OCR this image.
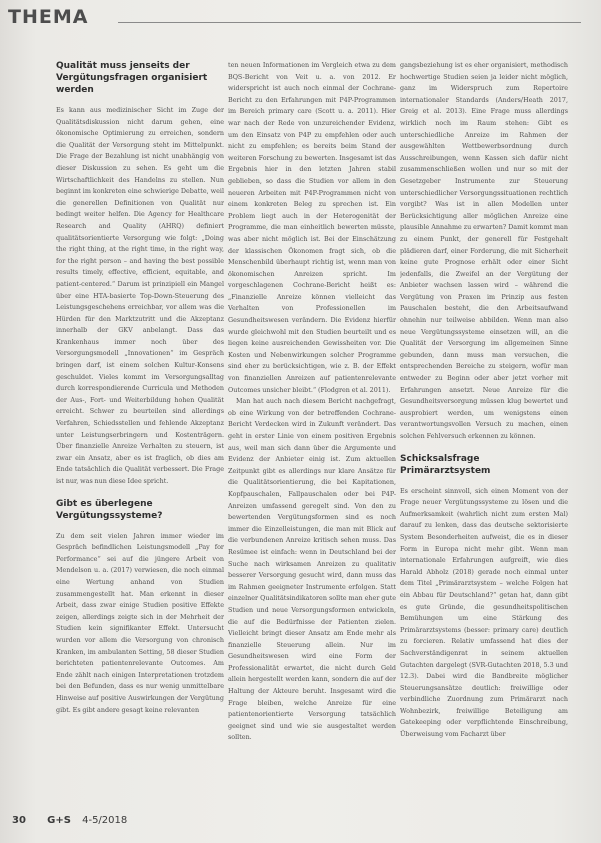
THEMA
Qualität muss jenseits der Vergütungsfragen organisiert werden

Es kann aus medizinischer Sicht im Zuge der Qualitätsdiskussion nicht darum gehen, eine ökonomische Optimierung zu erreichen, sondern die Qualität der Versorgung steht im Mittelpunkt. Die Frage der Bezahlung ist nicht unabhängig von dieser Diskussion zu sehen. Es geht um die Wirtschaftlichkeit des Handelns zu stellen. Nun beginnt im konkreten eine schwierige Debatte, weil die generellen Definitionen von Qualität nur bedingt weiter helfen. Die Agency for Healthcare Research and Quality (AHRQ) definiert qualitätsorientierte Versorgung wie folgt: „Doing the right thing, at the right time, in the right way, for the right person – and having the best possible results timely, effective, efficient, equitable, and patient-centered.“ Darum ist prinzipiell ein Mangel über eine HTA-basierte Top-Down-Steuerung des Leistungsgeschehens erreichbar, vor allem was die Hürden für den Marktzutritt und die Akzeptanz innerhalb der GKV anbelangt. Dass das Krankenhaus immer noch über des Versorgungsmodell „Innovationen“ im Gespräch bringen darf, ist einem solchen Kultur-Konsens geschuldet. Vieles kommt im Versorgungsalltag durch korrespondierende Curricula und Methoden der Aus-, Fort- und Weiterbildung hohen Qualität erreicht. Schwer zu beurteilen sind allerdings Verfahren, Schiedsstellen und fehlende Akzeptanz unter Leistungserbringern und Kostenträgern. Über finanzielle Anreize Verhalten zu steuern, ist zwar ein Ansatz, aber es ist fraglich, ob dies am Ende tatsächlich die Qualität verbessert. Die Frage ist nur, was nun diese Idee spricht.

Gibt es überlegene Vergütungssysteme?

Zu dem seit vielen Jahren immer wieder im Gespräch befindlichen Leistungsmodell „Pay for Performance“ sei auf die jüngere Arbeit von Mendelson u. a. (2017) verwiesen, die noch einmal eine Wertung anhand von Studien zusammengestellt hat. Man erkennt in dieser Arbeit, dass zwar einige Studien positive Effekte zeigen, allerdings zeigte sich in der Mehrheit der Studien kein signifikanter Effekt. Untersucht wurden vor allem die Versorgung von chronisch Kranken, im ambulanten Setting, 58 dieser Studien berichteten patientenrelevante Outcomes. Am Ende zählt nach einigen Interpretationen trotzdem bei den Befunden, dass es nur wenig unmittelbare Hinweise auf positive Auswirkungen der Vergütung gibt. Es gibt andere gesagt keine relevanten

ten neuen Informationen im Vergleich etwa zu dem BQS-Bericht von Veit u. a. von 2012. Er widerspricht ist auch noch einmal der Cochrane-Bericht zu den Erfahrungen mit P4P-Programmen im Bereich primary care (Scott u. a. 2011). Hier war nach der Rede von unzureichender Evidenz, um den Einsatz von P4P zu empfehlen oder auch nicht zu empfehlen; es bereits beim Stand der weiteren Forschung zu bewerten. Insgesamt ist das Ergebnis hier in den letzten Jahren stabil geblieben, so dass die Studien vor allem in den neueren Arbeiten mit P4P-Programmen nicht von einem konkreten Beleg zu sprechen ist. Ein Problem liegt auch in der Heterogenität der Programme, die man einheitlich bewerten müsste, was aber nicht möglich ist. Bei der Einschätzung der klassischen Ökonomen fragt sich, ob die Menschenbild überhaupt richtig ist, wenn man von ökonomischen Anreizen spricht. Im vorgeschlagenen Cochrane-Bericht heißt es: „Finanzielle Anreize können vielleicht das Verhalten von Professionellen im Gesundheitswesen verändern. Die Evidenz hierfür wurde gleichwohl mit den Studien beurteilt und es liegen keine ausreichenden Gewissheiten vor. Die Kosten und Nebenwirkungen solcher Programme sind eher zu berücksichtigen, wie z. B. der Effekt von finanziellen Anreizen auf patientenrelevante Outcomes unsicher bleibt.“ (Flodgren et al. 2011).

Man hat auch nach diesem Bericht nachgefragt, ob eine Wirkung von der betreffenden Cochrane-Bericht Verdecken wird in Zukunft verändert. Das geht in erster Linie von einem positiven Ergebnis aus, weil man sich dann über die Argumente und Evidenz der Anbieter einig ist. Zum aktuellen Zeitpunkt gibt es allerdings nur klare Ansätze für die Qualitätsorientierung, die bei Kapitationen, Kopfpauschalen, Fallpauschalen oder bei P4P-Anreizen umfassend geregelt sind. Von den zu bewertenden Vergütungsformen sind es noch immer die Einzelleistungen, die man mit Blick auf die verbundenen Anreize kritisch sehen muss. Das Resümee ist einfach: wenn in Deutschland bei der Suche nach wirksamen Anreizen zu qualitativ besserer Versorgung gesucht wird, dann muss das im Rahmen geeigneter Instrumente erfolgen. Statt einzelner Qualitätsindikatoren sollte man eher gute Studien und neue Versorgungsformen entwickeln, die auf die Bedürfnisse der Patienten zielen. Vielleicht bringt dieser Ansatz am Ende mehr als finanzielle Steuerung allein. Nur im Gesundheitswesen wird eine Form der Professionalität erwartet, die nicht durch Geld allein hergestellt werden kann, sondern die auf der Haltung der Akteure beruht. Insgesamt wird die Frage bleiben, welche Anreize für eine patientenorientierte Versorgung tatsächlich geeignet sind und wie sie ausgestaltet werden sollten.

gangsbeziehung ist es eher organisiert, methodisch hochwertige Studien seien ja leider nicht möglich, ganz im Widerspruch zum Repertoire internationaler Standards (Anders/Heath 2017, Greig et al. 2013). Eine Frage muss allerdings wirklich noch im Raum stehen: Gibt es unterschiedliche Anreize im Rahmen der ausgewählten Wettbewerbsordnung durch Ausschreibungen, wenn Kassen sich dafür nicht zusammenschließen wollen und nur so mit der Gesetzgeber Instrumente zur Steuerung unterschiedlicher Versorgungssituationen rechtlich vorgibt? Was ist in allen Modellen unter Berücksichtigung aller möglichen Anreize eine plausible Annahme zu erwarten? Damit kommt man zu einem Punkt, der generell für Festgehalt plädieren darf, einer Forderung, die mit Sicherheit keine gute Prognose erhält oder einer Sicht jedenfalls, die Zweifel an der Vergütung der Anbieter wachsen lassen wird – während die Vergütung von Praxen im Prinzip aus festen Pauschalen besteht, die den Arbeitsaufwand ohnehin nur teilweise abbilden. Wenn man also neue Vergütungssysteme einsetzen will, an die Qualität der Versorgung im allgemeinen Sinne gebunden, dann muss man versuchen, die entsprechenden Bereiche zu steigern, wofür man entweder zu Beginn oder aber jetzt vorher mit Erfahrungen ansetzt. Neue Anreize für die Gesundheitsversorgung müssen klug bewertet und ausprobiert werden, um wenigstens einen verantwortungsvollen Versuch zu machen, einen solchen Fehlversuch erkennen zu können.

Schicksalsfrage Primärarztsystem

Es erscheint sinnvoll, sich einen Moment von der Frage neuer Vergütungssysteme zu lösen und die Aufmerksamkeit (wahrlich nicht zum ersten Mal) darauf zu lenken, dass das deutsche sektorisierte System Besonderheiten aufweist, die es in dieser Form in Europa nicht mehr gibt. Wenn man internationale Erfahrungen aufgreift, wie dies Harald Abholz (2018) gerade noch einmal unter dem Titel „Primärarztsystem – welche Folgen hat ein Abbau für Deutschland?“ getan hat, dann gibt es gute Gründe, die gesundheitspolitischen Bemühungen um eine Stärkung des Primärarztsystems (besser: primary care) deutlich zu forcieren. Relativ umfassend hat dies der Sachverständigenrat in seinem aktuellen Gutachten dargelegt (SVR-Gutachten 2018, 5.3 und 12.3). Dabei wird die Bandbreite möglicher Steuerungsansätze deutlich: freiwillige oder verbindliche Zuordnung zum Primärarzt nach Wohnbezirk, freiwillige Beteiligung am Gatekeeping oder verpflichtende Einschreibung, Überweisung vom Facharzt über

30 G+S 4-5/2018
